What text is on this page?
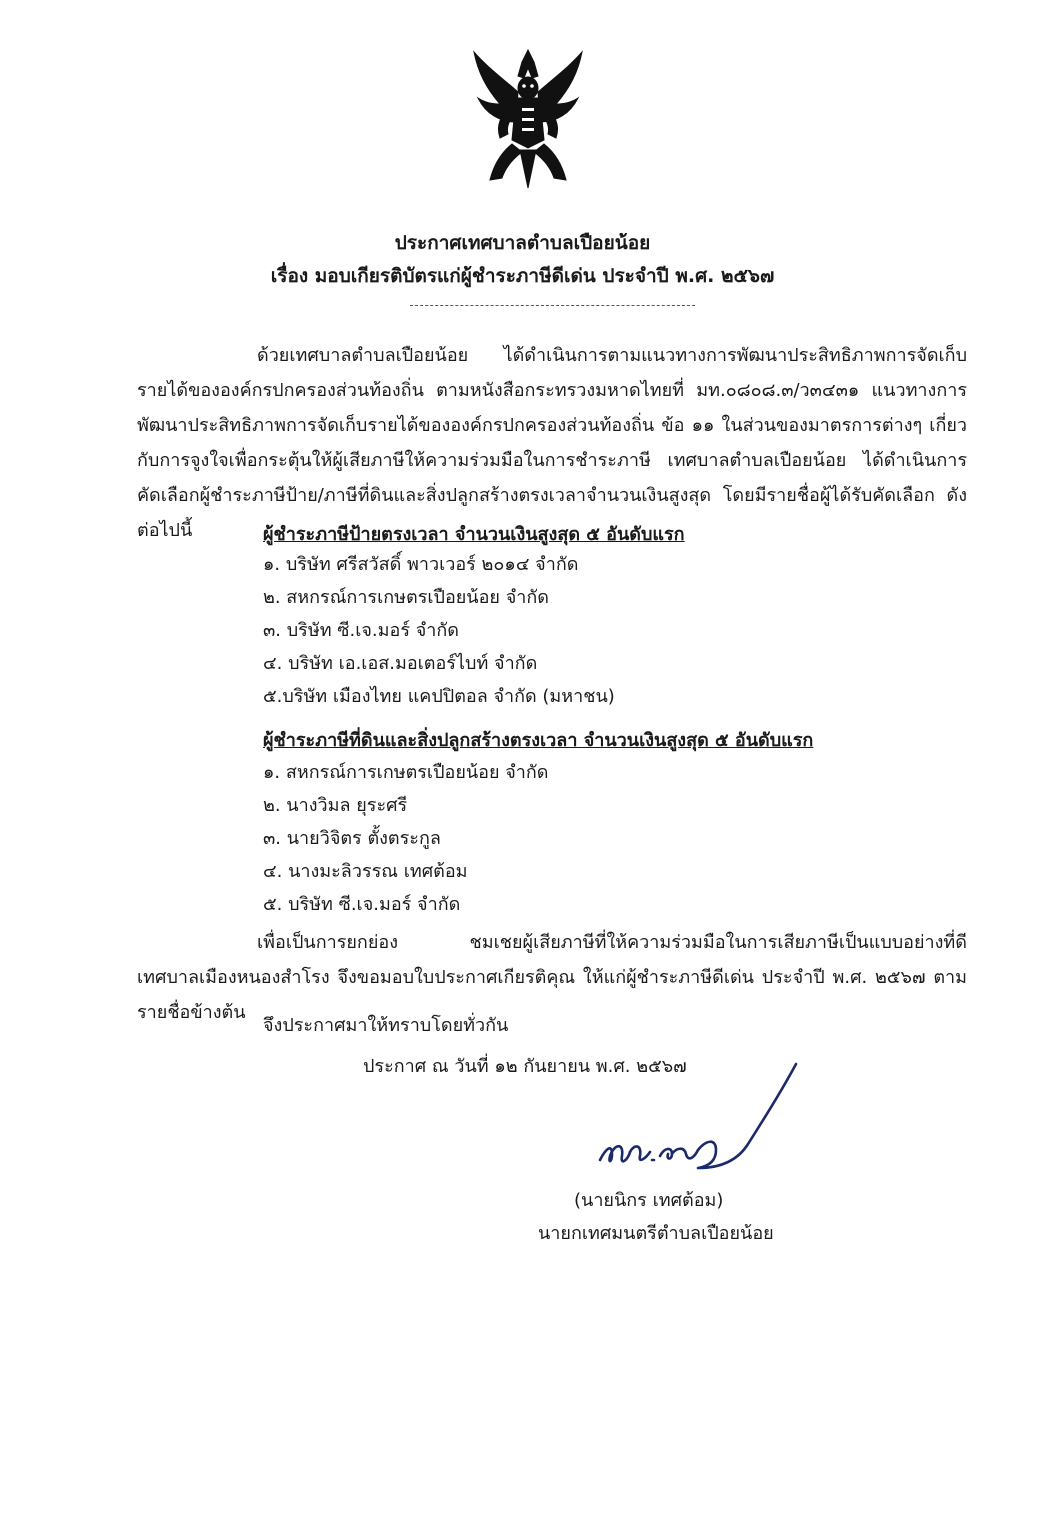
ประกาศเทศบาลตำบลเปือยน้อย
เรื่อง มอบเกียรติบัตรแก่ผู้ชำระภาษีดีเด่น ประจำปี พ.ศ. ๒๕๖๗
ด้วยเทศบาลตำบลเปือยน้อย ได้ดำเนินการตามแนวทางการพัฒนาประสิทธิภาพการจัดเก็บรายได้ขององค์กรปกครองส่วนท้องถิ่น ตามหนังสือกระทรวงมหาดไทยที่ มท.๐๘๐๘.๓/ว๓๔๓๑ แนวทางการพัฒนาประสิทธิภาพการจัดเก็บรายได้ขององค์กรปกครองส่วนท้องถิ่น ข้อ ๑๑ ในส่วนของมาตรการต่างๆ เกี่ยวกับการจูงใจเพื่อกระตุ้นให้ผู้เสียภาษีให้ความร่วมมือในการชำระภาษี เทศบาลตำบลเปือยน้อย ได้ดำเนินการคัดเลือกผู้ชำระภาษีป้าย/ภาษีที่ดินและสิ่งปลูกสร้างตรงเวลาจำนวนเงินสูงสุด โดยมีรายชื่อผู้ได้รับคัดเลือก ดังต่อไปนี้	ผู้ชำระภาษีป้ายตรงเวลา จำนวนเงินสูงสุด ๕ อันดับแรก
๑. บริษัท ศรีสวัสดิ์ พาวเวอร์ ๒๐๑๔ จำกัด
๒. สหกรณ์การเกษตรเปือยน้อย จำกัด
๓. บริษัท ซี.เจ.มอร์ จำกัด
๔. บริษัท เอ.เอส.มอเตอร์ไบท์ จำกัด
๕.บริษัท เมืองไทย แคปปิตอล จำกัด (มหาชน)
ผู้ชำระภาษีที่ดินและสิ่งปลูกสร้างตรงเวลา จำนวนเงินสูงสุด ๕ อันดับแรก
๑. สหกรณ์การเกษตรเปือยน้อย จำกัด
๒. นางวิมล ยุระศรี
๓. นายวิจิตร ตั้งตระกูล
๔. นางมะลิวรรณ เทศต้อม
๕. บริษัท ซี.เจ.มอร์ จำกัด
เพื่อเป็นการยกย่อง ชมเชยผู้เสียภาษีที่ให้ความร่วมมือในการเสียภาษีเป็นแบบอย่างที่ดี เทศบาลเมืองหนองสำโรง จึงขอมอบใบประกาศเกียรติคุณ ให้แก่ผู้ชำระภาษีดีเด่น ประจำปี พ.ศ. ๒๕๖๗ ตามรายชื่อข้างต้น
จึงประกาศมาให้ทราบโดยทั่วกัน
ประกาศ ณ วันที่ ๑๒ กันยายน พ.ศ. ๒๕๖๗
(นายนิกร เทศต้อม)
นายกเทศมนตรีตำบลเปือยน้อย
